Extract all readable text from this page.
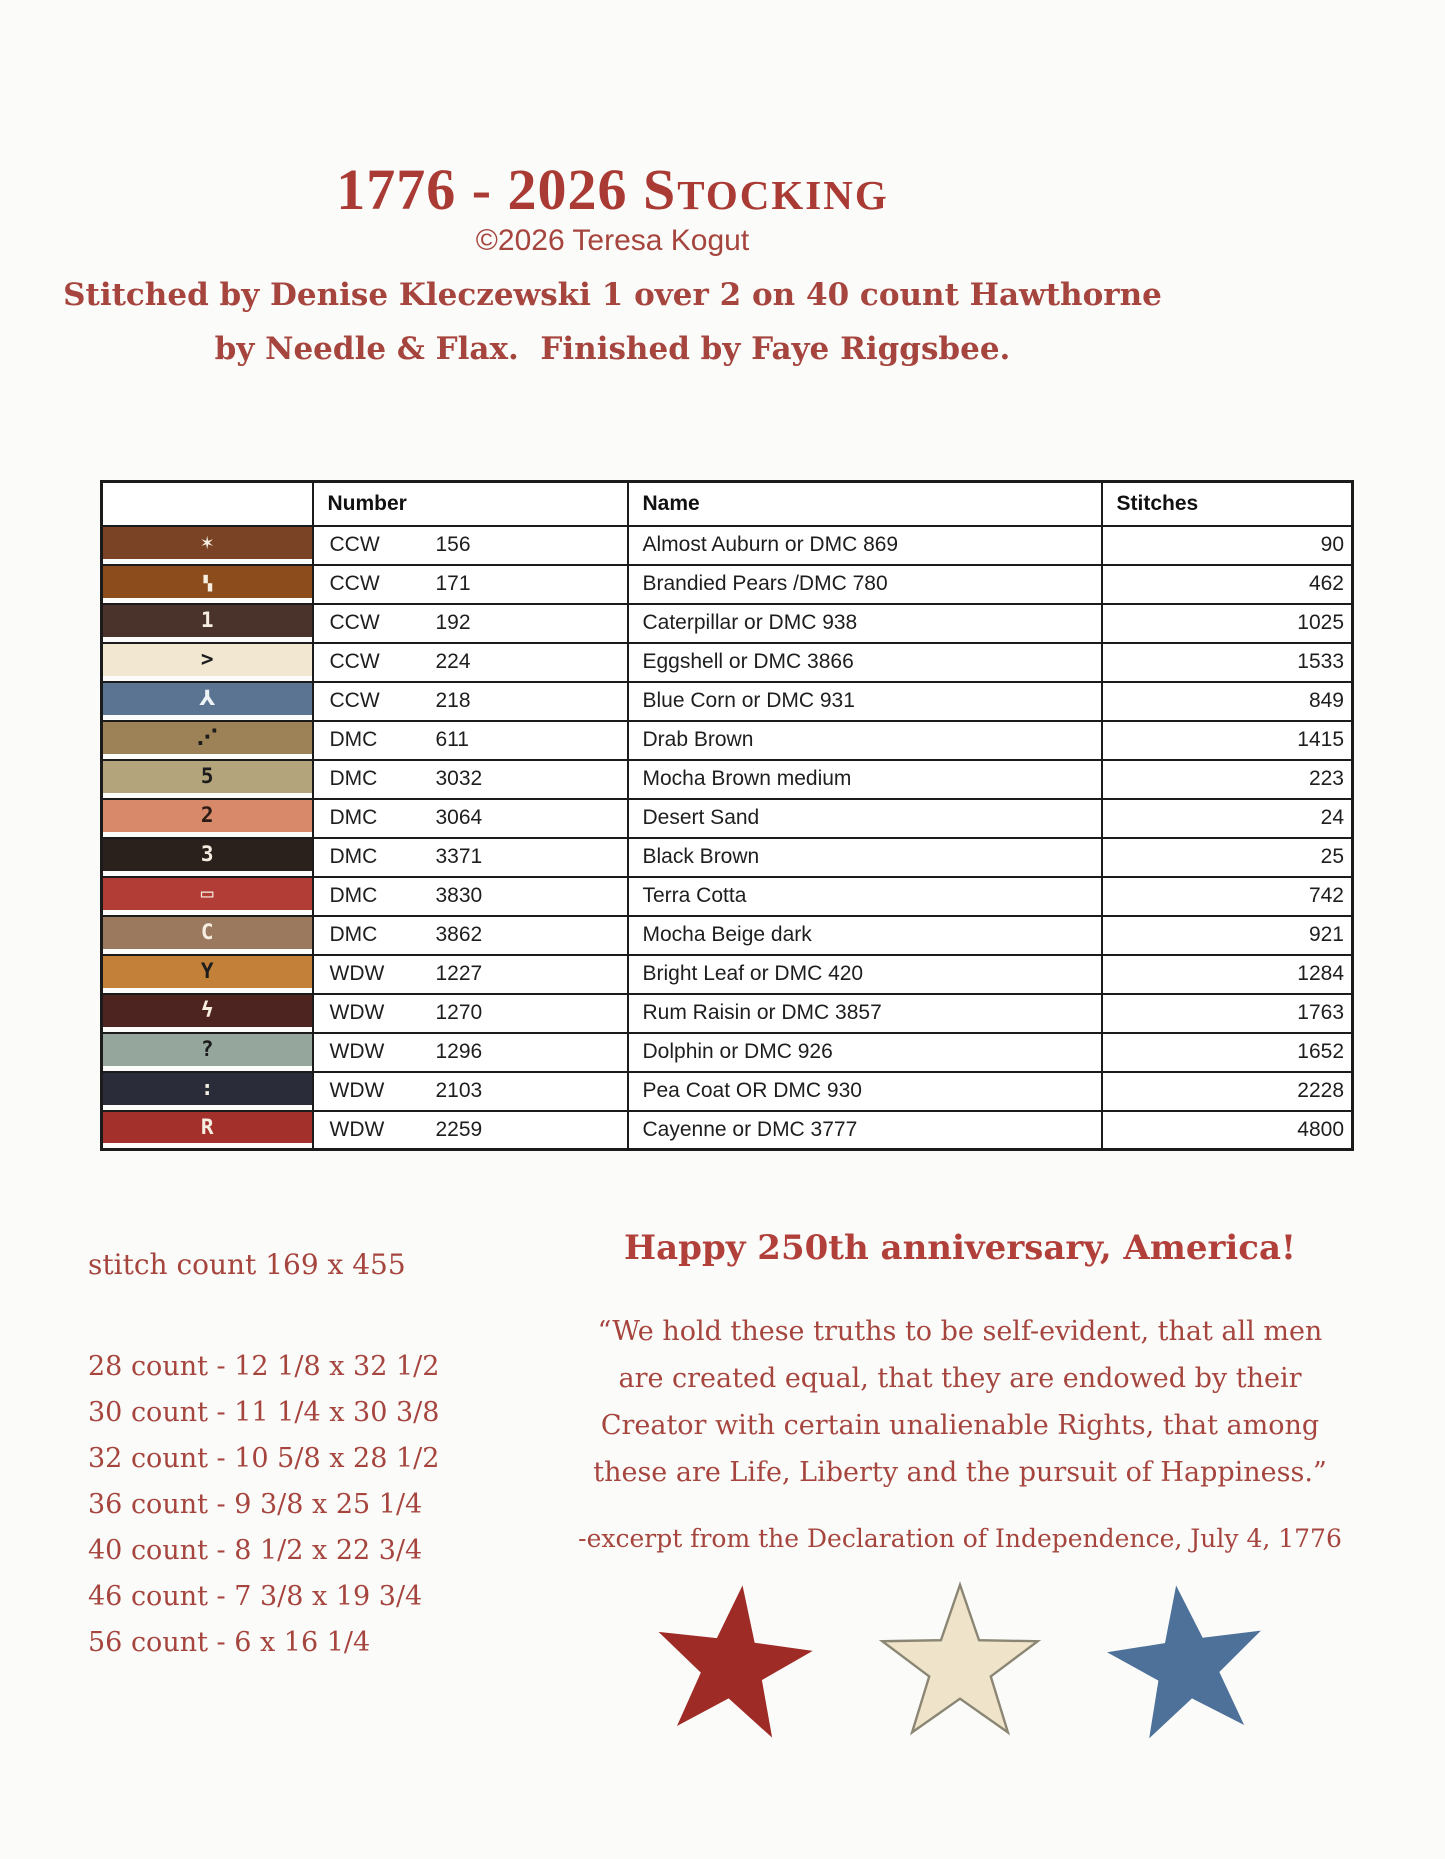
1776 - 2026 Stocking
©2026 Teresa Kogut
Stitched by Denise Kleczewski 1 over 2 on 40 count Hawthorne
by Needle & Flax.  Finished by Faye Riggsbee.
	Number	Name	Stitches
✶	CCW 156	Almost Auburn or DMC 869	90
▚	CCW 171	Brandied Pears /DMC 780	462
1	CCW 192	Caterpillar or DMC 938	1025
>	CCW 224	Eggshell or DMC 3866	1533
⅄	CCW 218	Blue Corn or DMC 931	849
⋰	DMC 611	Drab Brown	1415
5	DMC 3032	Mocha Brown medium	223
2	DMC 3064	Desert Sand	24
3	DMC 3371	Black Brown	25
▭	DMC 3830	Terra Cotta	742
C	DMC 3862	Mocha Beige dark	921
Y	WDW 1227	Bright Leaf or DMC 420	1284
ϟ	WDW 1270	Rum Raisin or DMC 3857	1763
?	WDW 1296	Dolphin or DMC 926	1652
:	WDW 2103	Pea Coat OR DMC 930	2228
R	WDW 2259	Cayenne or DMC 3777	4800
stitch count 169 x 455
28 count - 12 1/8 x 32 1/2
30 count - 11 1/4 x 30 3/8
32 count - 10 5/8 x 28 1/2
36 count - 9 3/8 x 25 1/4
40 count - 8 1/2 x 22 3/4
46 count - 7 3/8 x 19 3/4
56 count - 6 x 16 1/4
Happy 250th anniversary, America!
“We hold these truths to be self-evident, that all men
are created equal, that they are endowed by their
Creator with certain unalienable Rights, that among
these are Life, Liberty and the pursuit of Happiness.”
-excerpt from the Declaration of Independence, July 4, 1776
